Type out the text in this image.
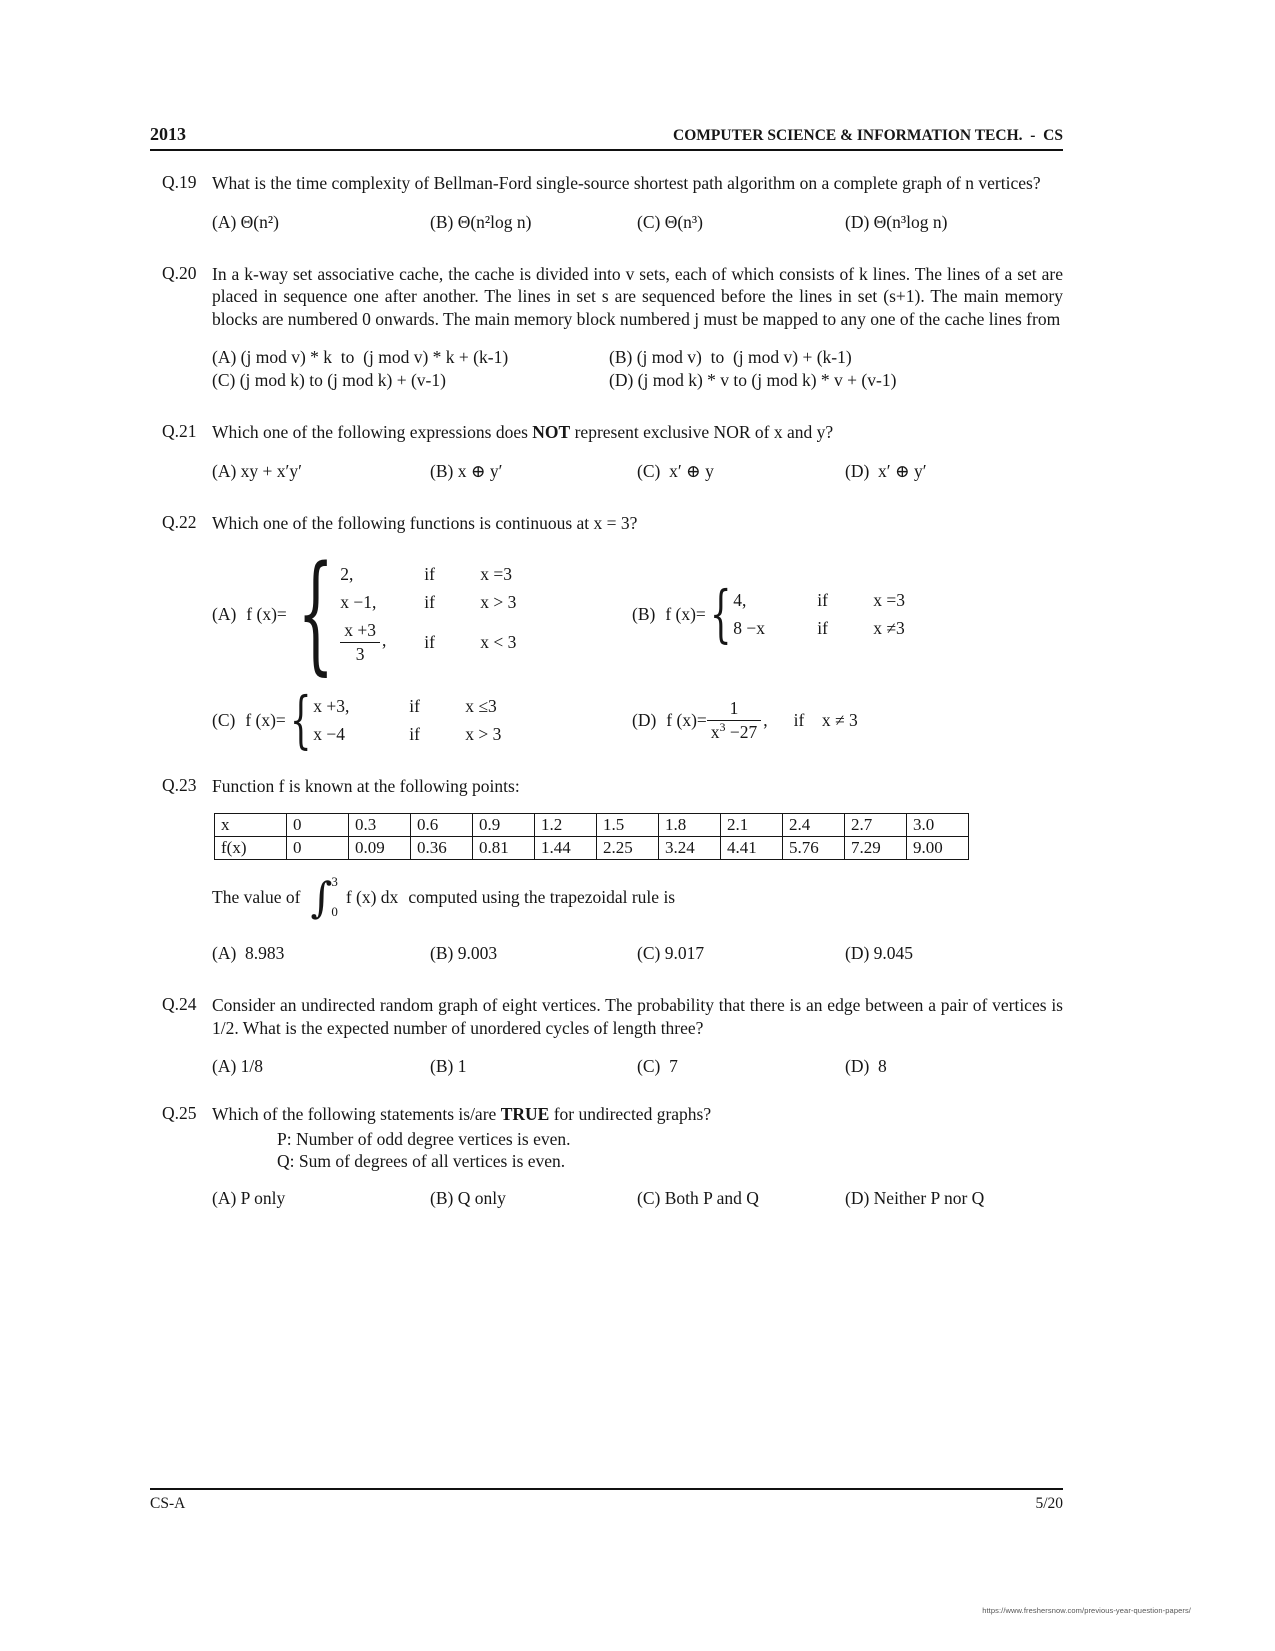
2013	COMPUTER SCIENCE & INFORMATION TECH.  -  CS
Q.19 What is the time complexity of Bellman-Ford single-source shortest path algorithm on a complete graph of n vertices?

(A) Θ(n²)	(B) Θ(n²log n)	(C) Θ(n³)	(D) Θ(n³log n)
Q.20 In a k-way set associative cache, the cache is divided into v sets, each of which consists of k lines. The lines of a set are placed in sequence one after another. The lines in set s are sequenced before the lines in set (s+1). The main memory blocks are numbered 0 onwards. The main memory block numbered j must be mapped to any one of the cache lines from

(A) (j mod v) * k  to  (j mod v) * k + (k-1)	(B) (j mod v)  to  (j mod v) + (k-1)
(C) (j mod k) to (j mod k) + (v-1)	(D) (j mod k) * v to (j mod k) * v + (v-1)
Q.21 Which one of the following expressions does NOT represent exclusive NOR of x and y?

(A) xy + x′y′	(B) x ⊕ y′	(C)  x′ ⊕ y	(D)  x′ ⊕ y′
Q.22 Which one of the following functions is continuous at x = 3?

(A) f (x)=
{
2,	if	x =3
x −1,	if	x > 3
$\frac{x +3}{3}$ ,	if	x < 3
(B) f (x)=
{
4,	if	x =3
8 −x	if	x ≠3
(C) f (x)=
{
x +3,	if	x ≤3
x −4	if	x > 3
(D) f $(x)= \frac{1}{x^3 -27}$ , if    x ≠ 3
Q.23 Function f is known at the following points:

x	0	0.3	0.6	0.9	1.2	1.5	1.8	2.1	2.4	2.7	3.0
f(x)	0	0.09	0.36	0.81	1.44	2.25	3.24	4.41	5.76	7.29	9.00
The value of ∫ 3
0
f (x) dx computed using the trapezoidal rule is
(A)  8.983	(B) 9.003	(C) 9.017	(D) 9.045
Q.24 Consider an undirected random graph of eight vertices. The probability that there is an edge between a pair of vertices is 1/2. What is the expected number of unordered cycles of length three?

(A) 1/8	(B) 1	(C)  7	(D)  8
Q.25 Which of the following statements is/are TRUE for undirected graphs?

P: Number of odd degree vertices is even.
Q: Sum of degrees of all vertices is even.
(A) P only	(B) Q only	(C) Both P and Q	(D) Neither P nor Q
CS-A	5/20
https://www.freshersnow.com/previous-year-question-papers/
